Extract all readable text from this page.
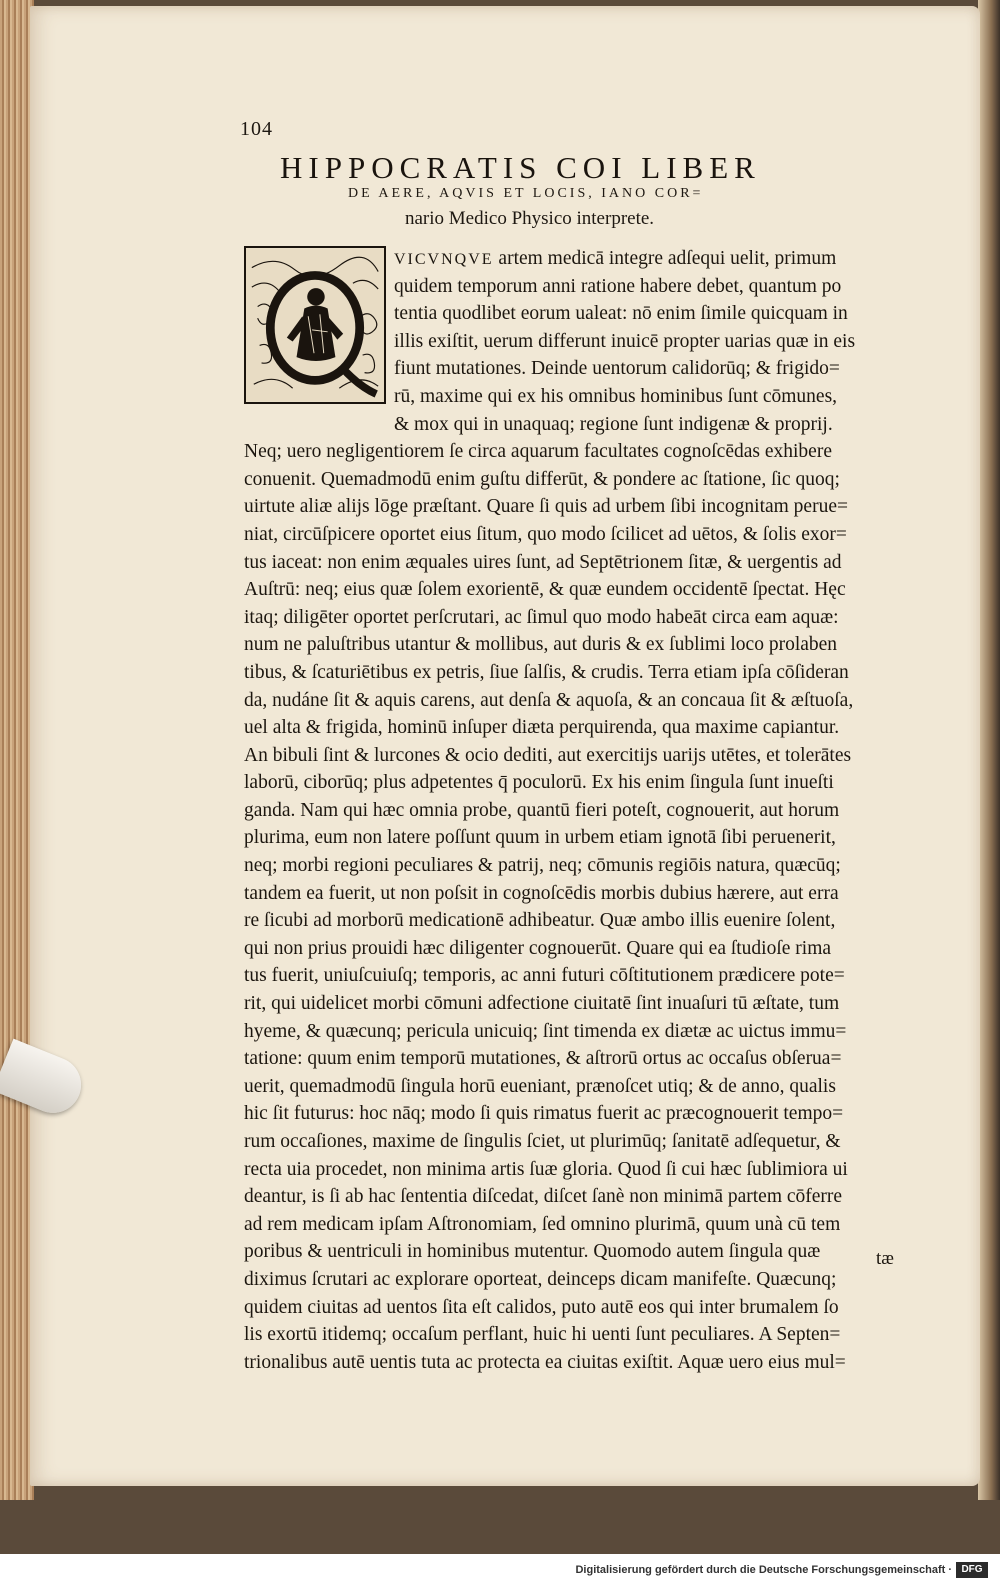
104
HIPPOCRATIS COI LIBER
DE AERE, AQVIS ET LOCIS, IANO COR=
nario Medico Physico interprete.
VICVNQVE artem medicā integre adſequi uelit, primum
quidem temporum anni ratione habere debet, quantum po
tentia quodlibet eorum ualeat: nō enim ſimile quicquam in
illis exiſtit, uerum differunt inuicē propter uarias quæ in eis
fiunt mutationes. Deinde uentorum calidorūq; & frigido=
rū, maxime qui ex his omnibus hominibus ſunt cōmunes,
& mox qui in unaquaq; regione ſunt indigenæ & proprij.
Neq; uero negligentiorem ſe circa aquarum facultates cognoſcēdas exhibere
conuenit. Quemadmodū enim guſtu differūt, & pondere ac ſtatione, ſic quoq;
uirtute aliæ alijs lōge præſtant. Quare ſi quis ad urbem ſibi incognitam perue=
niat, circūſpicere oportet eius ſitum, quo modo ſcilicet ad uētos, & ſolis exor=
tus iaceat: non enim æquales uires ſunt, ad Septētrionem ſitæ, & uergentis ad
Auſtrū: neq; eius quæ ſolem exorientē, & quæ eundem occidentē ſpectat. Hęc
itaq; diligēter oportet perſcrutari, ac ſimul quo modo habeāt circa eam aquæ:
num ne paluſtribus utantur & mollibus, aut duris & ex ſublimi loco prolaben
tibus, & ſcaturiētibus ex petris, ſiue ſalſis, & crudis. Terra etiam ipſa cōſideran
da, nudáne ſit & aquis carens, aut denſa & aquoſa, & an concaua ſit & æſtuoſa,
uel alta & frigida, hominū inſuper diæta perquirenda, qua maxime capiantur.
An bibuli ſint & lurcones & ocio dediti, aut exercitijs uarijs utētes, et tolerātes
laborū, ciborūq; plus adpetentes q̄ poculorū. Ex his enim ſingula ſunt inueſti
ganda. Nam qui hæc omnia probe, quantū fieri poteſt, cognouerit, aut horum
plurima, eum non latere poſſunt quum in urbem etiam ignotā ſibi peruenerit,
neq; morbi regioni peculiares & patrij, neq; cōmunis regiōis natura, quæcūq;
tandem ea fuerit, ut non poſsit in cognoſcēdis morbis dubius hærere, aut erra
re ſicubi ad morborū medicationē adhibeatur. Quæ ambo illis euenire ſolent,
qui non prius prouidi hæc diligenter cognouerūt. Quare qui ea ſtudioſe rima
tus fuerit, uniuſcuiuſq; temporis, ac anni futuri cōſtitutionem prædicere pote=
rit, qui uidelicet morbi cōmuni adfectione ciuitatē ſint inuaſuri tū æſtate, tum
hyeme, & quæcunq; pericula unicuiq; ſint timenda ex diætæ ac uictus immu=
tatione: quum enim temporū mutationes, & aſtrorū ortus ac occaſus obſerua=
uerit, quemadmodū ſingula horū eueniant, prænoſcet utiq; & de anno, qualis
hic ſit futurus: hoc nāq; modo ſi quis rimatus fuerit ac præcognouerit tempo=
rum occaſiones, maxime de ſingulis ſciet, ut plurimūq; ſanitatē adſequetur, &
recta uia procedet, non minima artis ſuæ gloria. Quod ſi cui hæc ſublimiora ui
deantur, is ſi ab hac ſententia diſcedat, diſcet ſanè non minimā partem cōferre
ad rem medicam ipſam Aſtronomiam, ſed omnino plurimā, quum unà cū tem
poribus & uentriculi in hominibus mutentur. Quomodo autem ſingula quæ
diximus ſcrutari ac explorare oporteat, deinceps dicam manifeſte. Quæcunq;
quidem ciuitas ad uentos ſita eſt calidos, puto autē eos qui inter brumalem ſo
lis exortū itidemq; occaſum perflant, huic hi uenti ſunt peculiares. A Septen=
trionalibus autē uentis tuta ac protecta ea ciuitas exiſtit. Aquæ uero eius mul=
tæ
Digitalisierung gefördert durch die Deutsche Forschungsgemeinschaft · DFG
